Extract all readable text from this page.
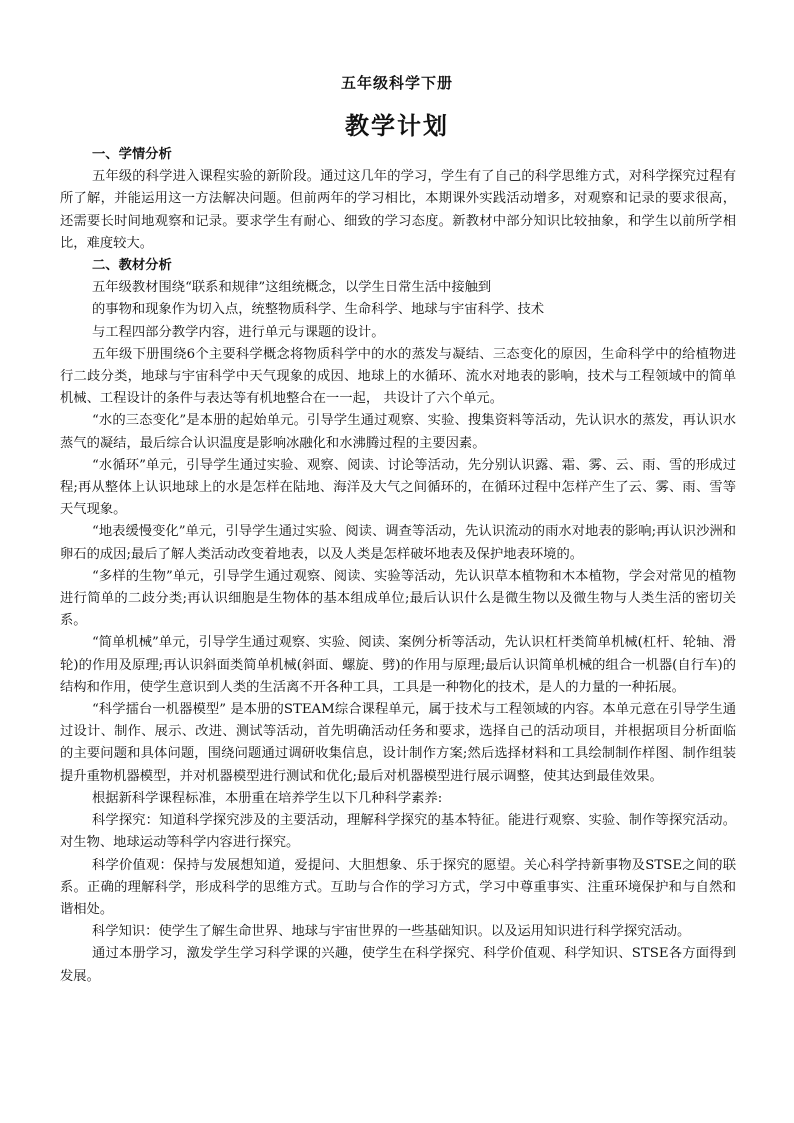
五年级科学下册
教学计划

一、学情分析

五年级的科学进入课程实验的新阶段。通过这几年的学习，学生有了自己的科学思维方式，对科学探究过程有所了解，并能运用这一方法解决问题。但前两年的学习相比，本期课外实践活动增多，对观察和记录的要求很高，还需要长时间地观察和记录。要求学生有耐心、细致的学习态度。新教材中部分知识比较抽象，和学生以前所学相比，难度较大。

二、教材分析

五年级教材围绕“联系和规律”这组统概念，以学生日常生活中接触到

的事物和现象作为切入点，统整物质科学、生命科学、地球与宇宙科学、技术

与工程四部分教学内容，进行单元与课题的设计。

五年级下册围绕6个主要科学概念将物质科学中的水的蒸发与凝结、三态变化的原因，生命科学中的给植物进行二歧分类，地球与宇宙科学中天气现象的成因、地球上的水循环、流水对地表的影响，技术与工程领域中的简单机械、工程设计的条件与表达等有机地整合在一一起， 共设计了六个单元。

“水的三态变化”是本册的起始单元。引导学生通过观察、实验、搜集资料等活动，先认识水的蒸发，再认识水蒸气的凝结，最后综合认识温度是影响冰融化和水沸腾过程的主要因素。

“水循环”单元，引导学生通过实验、观察、阅读、讨论等活动，先分别认识露、霜、雾、云、雨、雪的形成过程;再从整体上认识地球上的水是怎样在陆地、海洋及大气之间循环的，在循环过程中怎样产生了云、雾、雨、雪等天气现象。

“地表缓慢变化”单元，引导学生通过实验、阅读、调查等活动，先认识流动的雨水对地表的影响;再认识沙洲和卵石的成因;最后了解人类活动改变着地表，以及人类是怎样破坏地表及保护地表环境的。

“多样的生物”单元，引导学生通过观察、阅读、实验等活动，先认识草本植物和木本植物，学会对常见的植物进行简单的二歧分类;再认识细胞是生物体的基本组成单位;最后认识什么是微生物以及微生物与人类生活的密切关系。

“简单机械”单元，引导学生通过观察、实验、阅读、案例分析等活动，先认识杠杆类简单机械(杠杆、轮轴、滑轮)的作用及原理;再认识斜面类简单机械(斜面、螺旋、劈)的作用与原理;最后认识简单机械的组合一机器(自行车)的结构和作用，使学生意识到人类的生活离不开各种工具，工具是一种物化的技术，是人的力量的一种拓展。

“科学擂台一机器模型” 是本册的STEAM综合课程单元，属于技术与工程领域的内容。本单元意在引导学生通过设计、制作、展示、改进、测试等活动，首先明确活动任务和要求，选择自己的活动项目，并根据项目分析面临的主要问题和具体问题，围绕问题通过调研收集信息，设计制作方案;然后选择材料和工具绘制制作样图、制作组装提升重物机器模型，并对机器模型进行测试和优化;最后对机器模型进行展示调整，使其达到最佳效果。

根据新科学课程标准，本册重在培养学生以下几种科学素养:

科学探究：知道科学探究涉及的主要活动，理解科学探究的基本特征。能进行观察、实验、制作等探究活动。对生物、地球运动等科学内容进行探究。

科学价值观：保持与发展想知道，爱提问、大胆想象、乐于探究的愿望。关心科学持新事物及STSE之间的联系。正确的理解科学，形成科学的思维方式。互助与合作的学习方式，学习中尊重事实、注重环境保护和与自然和谐相处。

科学知识：使学生了解生命世界、地球与宇宙世界的一些基础知识。以及运用知识进行科学探究活动。

通过本册学习，激发学生学习科学课的兴趣，使学生在科学探究、科学价值观、科学知识、STSE各方面得到发展。
